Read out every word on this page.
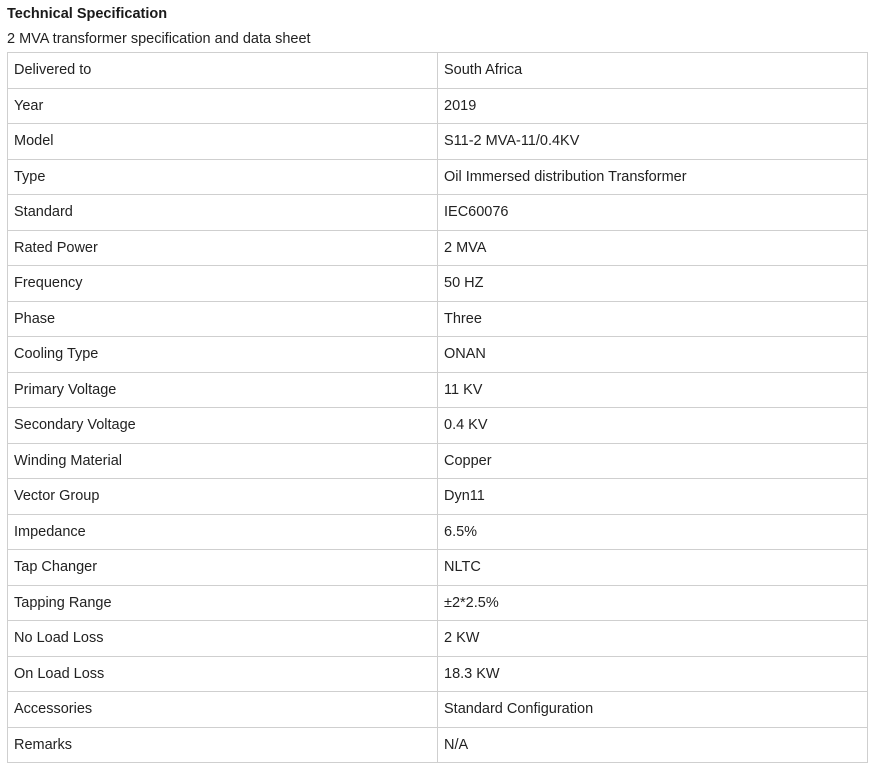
Technical Specification
2 MVA transformer specification and data sheet
Delivered to	South Africa
Year	2019
Model	S11-2 MVA-11/0.4KV
Type	Oil Immersed distribution Transformer
Standard	IEC60076
Rated Power	2 MVA
Frequency	50 HZ
Phase	Three
Cooling Type	ONAN
Primary Voltage	11 KV
Secondary Voltage	0.4 KV
Winding Material	Copper
Vector Group	Dyn11
Impedance	6.5%
Tap Changer	NLTC
Tapping Range	±2*2.5%
No Load Loss	2 KW
On Load Loss	18.3 KW
Accessories	Standard Configuration
Remarks	N/A
